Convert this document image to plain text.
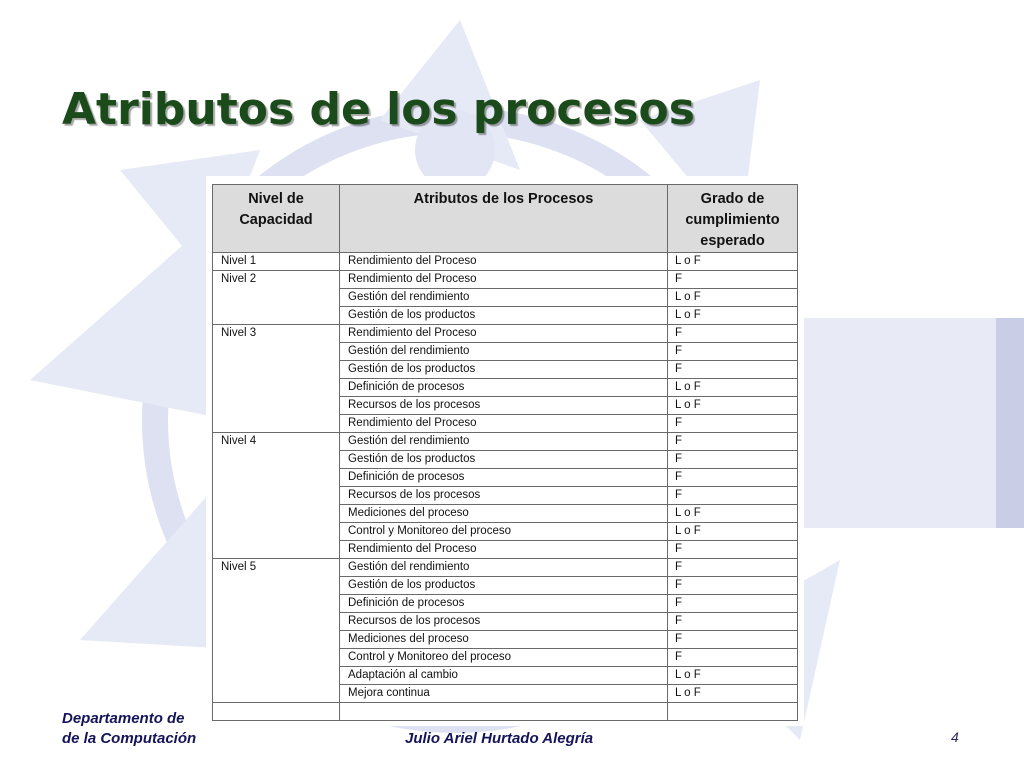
Atributos de los procesos
Nivel de Capacidad	Atributos de los Procesos	Grado de cumplimiento esperado
Nivel 1	Rendimiento del Proceso	L o F
Nivel 2	Rendimiento del Proceso	F
	Gestión del rendimiento	L o F
	Gestión de los productos	L o F
Nivel 3	Rendimiento del Proceso	F
	Gestión del rendimiento	F
	Gestión de los productos	F
	Definición de procesos	L o F
	Recursos de los procesos	L o F
	Rendimiento del Proceso	F
Nivel 4	Gestión del rendimiento	F
	Gestión de los productos	F
	Definición de procesos	F
	Recursos de los procesos	F
	Mediciones del proceso	L o F
	Control y Monitoreo del proceso	L o F
	Rendimiento del Proceso	F
Nivel 5	Gestión del rendimiento	F
	Gestión de los productos	F
	Definición de procesos	F
	Recursos de los procesos	F
	Mediciones del proceso	F
	Control y Monitoreo del proceso	F
	Adaptación al cambio	L o F
	Mejora continua	L o F

Departamento de
de la Computación	Julio Ariel Hurtado Alegría	4
